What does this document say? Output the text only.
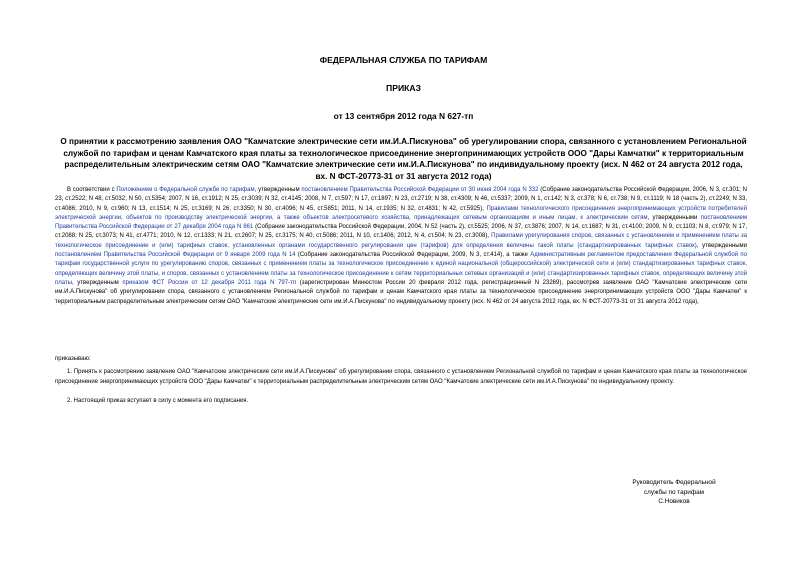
ФЕДЕРАЛЬНАЯ СЛУЖБА ПО ТАРИФАМ
ПРИКАЗ
от 13 сентября 2012 года N 627-тп
О принятии к рассмотрению заявления ОАО "Камчатские электрические сети им.И.А.Пискунова" об урегулировании спора, связанного с установлением Региональной службой по тарифам и ценам Камчатского края платы за технологическое присоединение энергопринимающих устройств ООО "Дары Камчатки" к территориальным распределительным электрическим сетям ОАО "Камчатские электрические сети им.И.А.Пискунова" по индивидуальному проекту (исх. N 462 от 24 августа 2012 года, вх. N ФСТ-20773-31 от 31 августа 2012 года)
В соответствии с Положением о Федеральной службе по тарифам, утвержденным постановлением Правительства Российской Федерации от 30 июня 2004 года N 332 (Собрание законодательства Российской Федерации, 2006, N 3, ст.301; N 23, ст.2522; N 48, ст.5032; N 50, ст.5354; 2007, N 16, ст.1912; N 25, ст.3039; N 32, ст.4145; 2008, N 7, ст.597; N 17, ст.1897; N 23, ст.2719; N 38, ст.4309; N 46, ст.5337; 2009, N 1, ст.142; N 3, ст.378; N 6, ст.738; N 9, ст.1119; N 18 (часть 2), ст.2249; N 33, ст.4086; 2010, N 9, ст.960; N 13, ст.1514; N 25, ст.3169; N 26, ст.3350; N 30, ст.4096; N 45, ст.5851; 2011, N 14, ст.1935; N 32, ст.4831; N 42, ст.5925), Правилами технологического присоединения энергопринимающих устройств потребителей электрической энергии, объектов по производству электрической энергии, а также объектов электросетевого хозяйства, принадлежащих сетевым организациям и иным лицам, к электрическим сетям, утвержденными постановлением Правительства Российской Федерации от 27 декабря 2004 года N 861 (Собрание законодательства Российской Федерации, 2004, N 52 (часть 2), ст.5525; 2006, N 37, ст.3876; 2007, N 14, ст.1687; N 31, ст.4100; 2009, N 9, ст.1103; N 8, ст.979; N 17, ст.2088; N 25, ст.3073; N 41, ст.4771; 2010, N 12, ст.1333; N 21, ст.2607; N 25, ст.3175; N 40, ст.5086; 2011, N 10, ст.1406; 2012, N 4, ст.504; N 23, ст.3008), Правилами урегулирования споров, связанных с установлением и применением платы за технологическое присоединение и (или) тарифных ставок, установленных органами государственного регулирования цен (тарифов) для определения величины такой платы (стандартизированных тарифных ставок), утвержденными постановлением Правительства Российской Федерации от 9 января 2009 года N 14 (Собрание законодательства Российской Федерации, 2009, N 3, ст.414), а также Административным регламентом предоставления Федеральной службой по тарифам государственной услуги по урегулированию споров, связанных с применением платы за технологическое присоединение к единой национальной (общероссийской) электрической сети и (или) стандартизированных тарифных ставок, определяющих величину этой платы, и споров, связанных с установлением платы за технологическое присоединение к сетям территориальных сетевых организаций и (или) стандартизированных тарифных ставок, определяющих величину этой платы, утвержденным приказом ФСТ России от 12 декабря 2011 года N 797-тп (зарегистрирован Минюстом России 20 февраля 2012 года, регистрационный N 23269), рассмотрев заявление ОАО "Камчатские электрические сети им.И.А.Пискунова" об урегулировании спора, связанного с установлением Региональной службой по тарифам и ценам Камчатского края платы за технологическое присоединение энергопринимающих устройств ООО "Дары Камчатки" к территориальным распределительным электрическим сетям ОАО "Камчатские электрические сети им.И.А.Пискунова" по индивидуальному проекту (исх. N 462 от 24 августа 2012 года, вх. N ФСТ-20773-31 от 31 августа 2012 года),
приказываю:
1. Принять к рассмотрению заявление ОАО "Камчатские электрические сети им.И.А.Пискунова" об урегулировании спора, связанного с установлением Региональной службой по тарифам и ценам Камчатского края платы за технологическое присоединение энергопринимающих устройств ООО "Дары Камчатки" к территориальным распределительным электрическим сетям ОАО "Камчатские электрические сети им.И.А.Пискунова" по индивидуальному проекту.
2. Настоящий приказ вступает в силу с момента его подписания.
Руководитель Федеральной
службы по тарифам
С.Новиков
